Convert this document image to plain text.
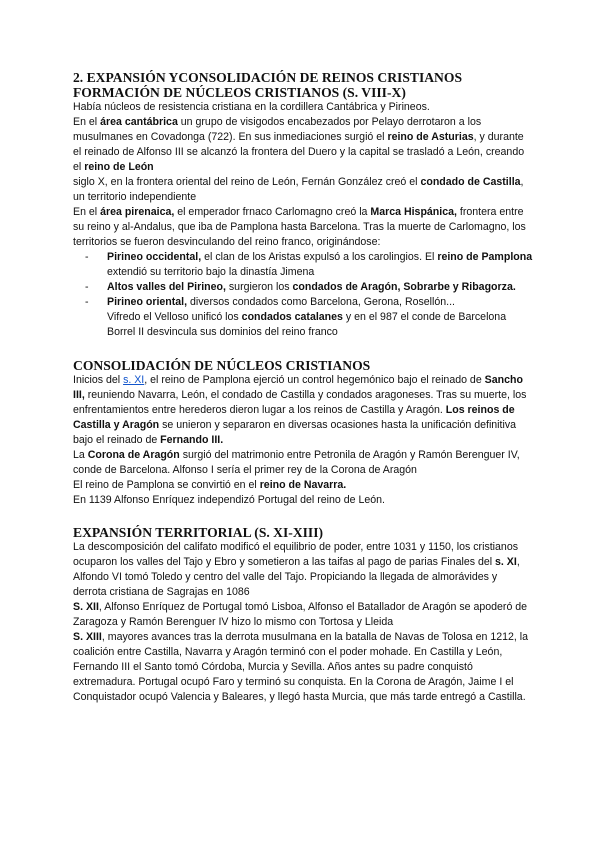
2. EXPANSIÓN YCONSOLIDACIÓN DE REINOS CRISTIANOS
FORMACIÓN DE NÚCLEOS CRISTIANOS (S. VIII-X)

Había núcleos de resistencia cristiana en la cordillera Cantábrica y Pirineos.

En el área cantábrica un grupo de visigodos encabezados por Pelayo derrotaron a los musulmanes en Covadonga (722). En sus inmediaciones surgió el reino de Asturias, y durante el reinado de Alfonso III se alcanzó la frontera del Duero y la capital se trasladó a León, creando el reino de León

siglo X, en la frontera oriental del reino de León, Fernán González creó el condado de Castilla, un territorio independiente

En el área pirenaica, el emperador frnaco Carlomagno creó la Marca Hispánica, frontera entre su reino y al-Andalus, que iba de Pamplona hasta Barcelona. Tras la muerte de Carlomagno, los territorios se fueron desvinculando del reino franco, originándose:

- Pirineo occidental, el clan de los Aristas expulsó a los carolingios. El reino de Pamplona extendió su territorio bajo la dinastía Jimena
- Altos valles del Pirineo, surgieron los condados de Aragón, Sobrarbe y Ribagorza.
- Pirineo oriental, diversos condados como Barcelona, Gerona, Rosellón...
Vifredo el Velloso unificó los condados catalanes y en el 987 el conde de Barcelona Borrel II desvincula sus dominios del reino franco
CONSOLIDACIÓN DE NÚCLEOS CRISTIANOS

Inicios del s. XI, el reino de Pamplona ejerció un control hegemónico bajo el reinado de Sancho III, reuniendo Navarra, León, el condado de Castilla y condados aragoneses. Tras su muerte, los enfrentamientos entre herederos dieron lugar a los reinos de Castilla y Aragón. Los reinos de Castilla y Aragón se unieron y separaron en diversas ocasiones hasta la unificación definitiva bajo el reinado de Fernando III.

La Corona de Aragón surgió del matrimonio entre Petronila de Aragón y Ramón Berenguer IV, conde de Barcelona. Alfonso I sería el primer rey de la Corona de Aragón

El reino de Pamplona se convirtió en el reino de Navarra.

En 1139 Alfonso Enríquez independizó Portugal del reino de León.

EXPANSIÓN TERRITORIAL (S. XI-XIII)

La descomposición del califato modificó el equilibrio de poder, entre 1031 y 1150, los cristianos ocuparon los valles del Tajo y Ebro y sometieron a las taifas al pago de parias Finales del s. XI, Alfondo VI tomó Toledo y centro del valle del Tajo. Propiciando la llegada de almorávides y derrota cristiana de Sagrajas en 1086

S. XII, Alfonso Enríquez de Portugal tomó Lisboa, Alfonso el Batallador de Aragón se apoderó de Zaragoza y Ramón Berenguer IV hizo lo mismo con Tortosa y Lleida

S. XIII, mayores avances tras la derrota musulmana en la batalla de Navas de Tolosa en 1212, la coalición entre Castilla, Navarra y Aragón terminó con el poder mohade. En Castilla y León, Fernando III el Santo tomó Córdoba, Murcia y Sevilla. Años antes su padre conquistó extremadura. Portugal ocupó Faro y terminó su conquista. En la Corona de Aragón, Jaime I el Conquistador ocupó Valencia y Baleares, y llegó hasta Murcia, que más tarde entregó a Castilla.
